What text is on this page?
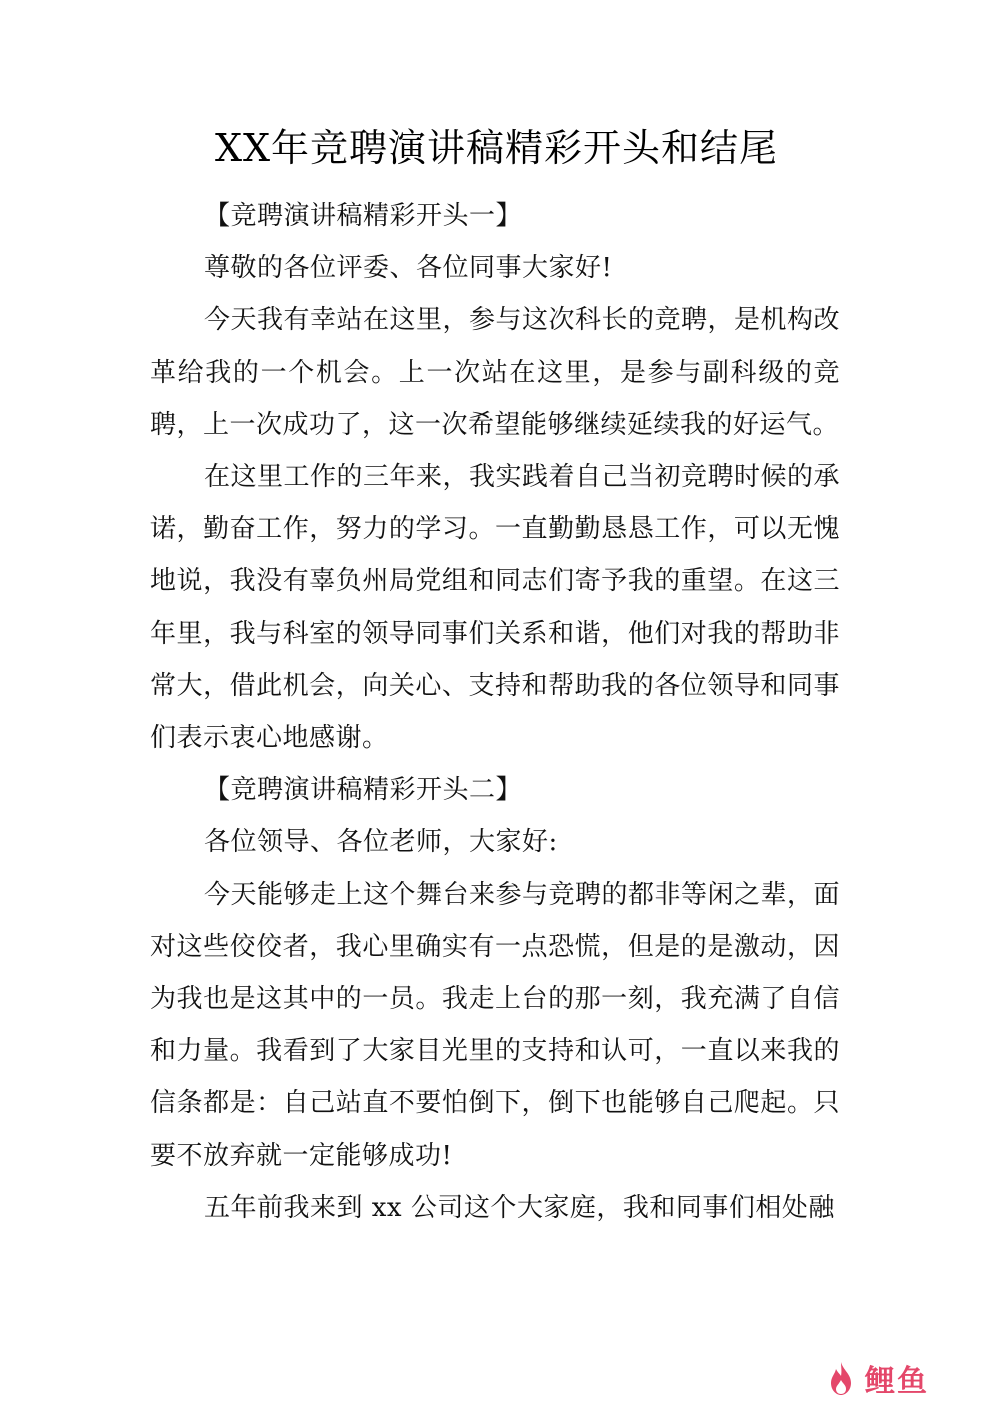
XX年竞聘演讲稿精彩开头和结尾

【竞聘演讲稿精彩开头一】

尊敬的各位评委、各位同事大家好!

今天我有幸站在这里，参与这次科长的竞聘，是机构改革给我的一个机会。上一次站在这里，是参与副科级的竞聘，上一次成功了，这一次希望能够继续延续我的好运气。

在这里工作的三年来，我实践着自己当初竞聘时候的承诺，勤奋工作，努力的学习。一直勤勤恳恳工作，可以无愧地说，我没有辜负州局党组和同志们寄予我的重望。在这三年里，我与科室的领导同事们关系和谐，他们对我的帮助非常大，借此机会，向关心、支持和帮助我的各位领导和同事们表示衷心地感谢。

【竞聘演讲稿精彩开头二】

各位领导、各位老师，大家好:

今天能够走上这个舞台来参与竞聘的都非等闲之辈，面对这些佼佼者，我心里确实有一点恐慌，但是的是激动，因为我也是这其中的一员。我走上台的那一刻，我充满了自信和力量。我看到了大家目光里的支持和认可，一直以来我的信条都是：自己站直不要怕倒下，倒下也能够自己爬起。只要不放弃就一定能够成功!

五年前我来到 xx 公司这个大家庭，我和同事们相处融

鲤鱼
